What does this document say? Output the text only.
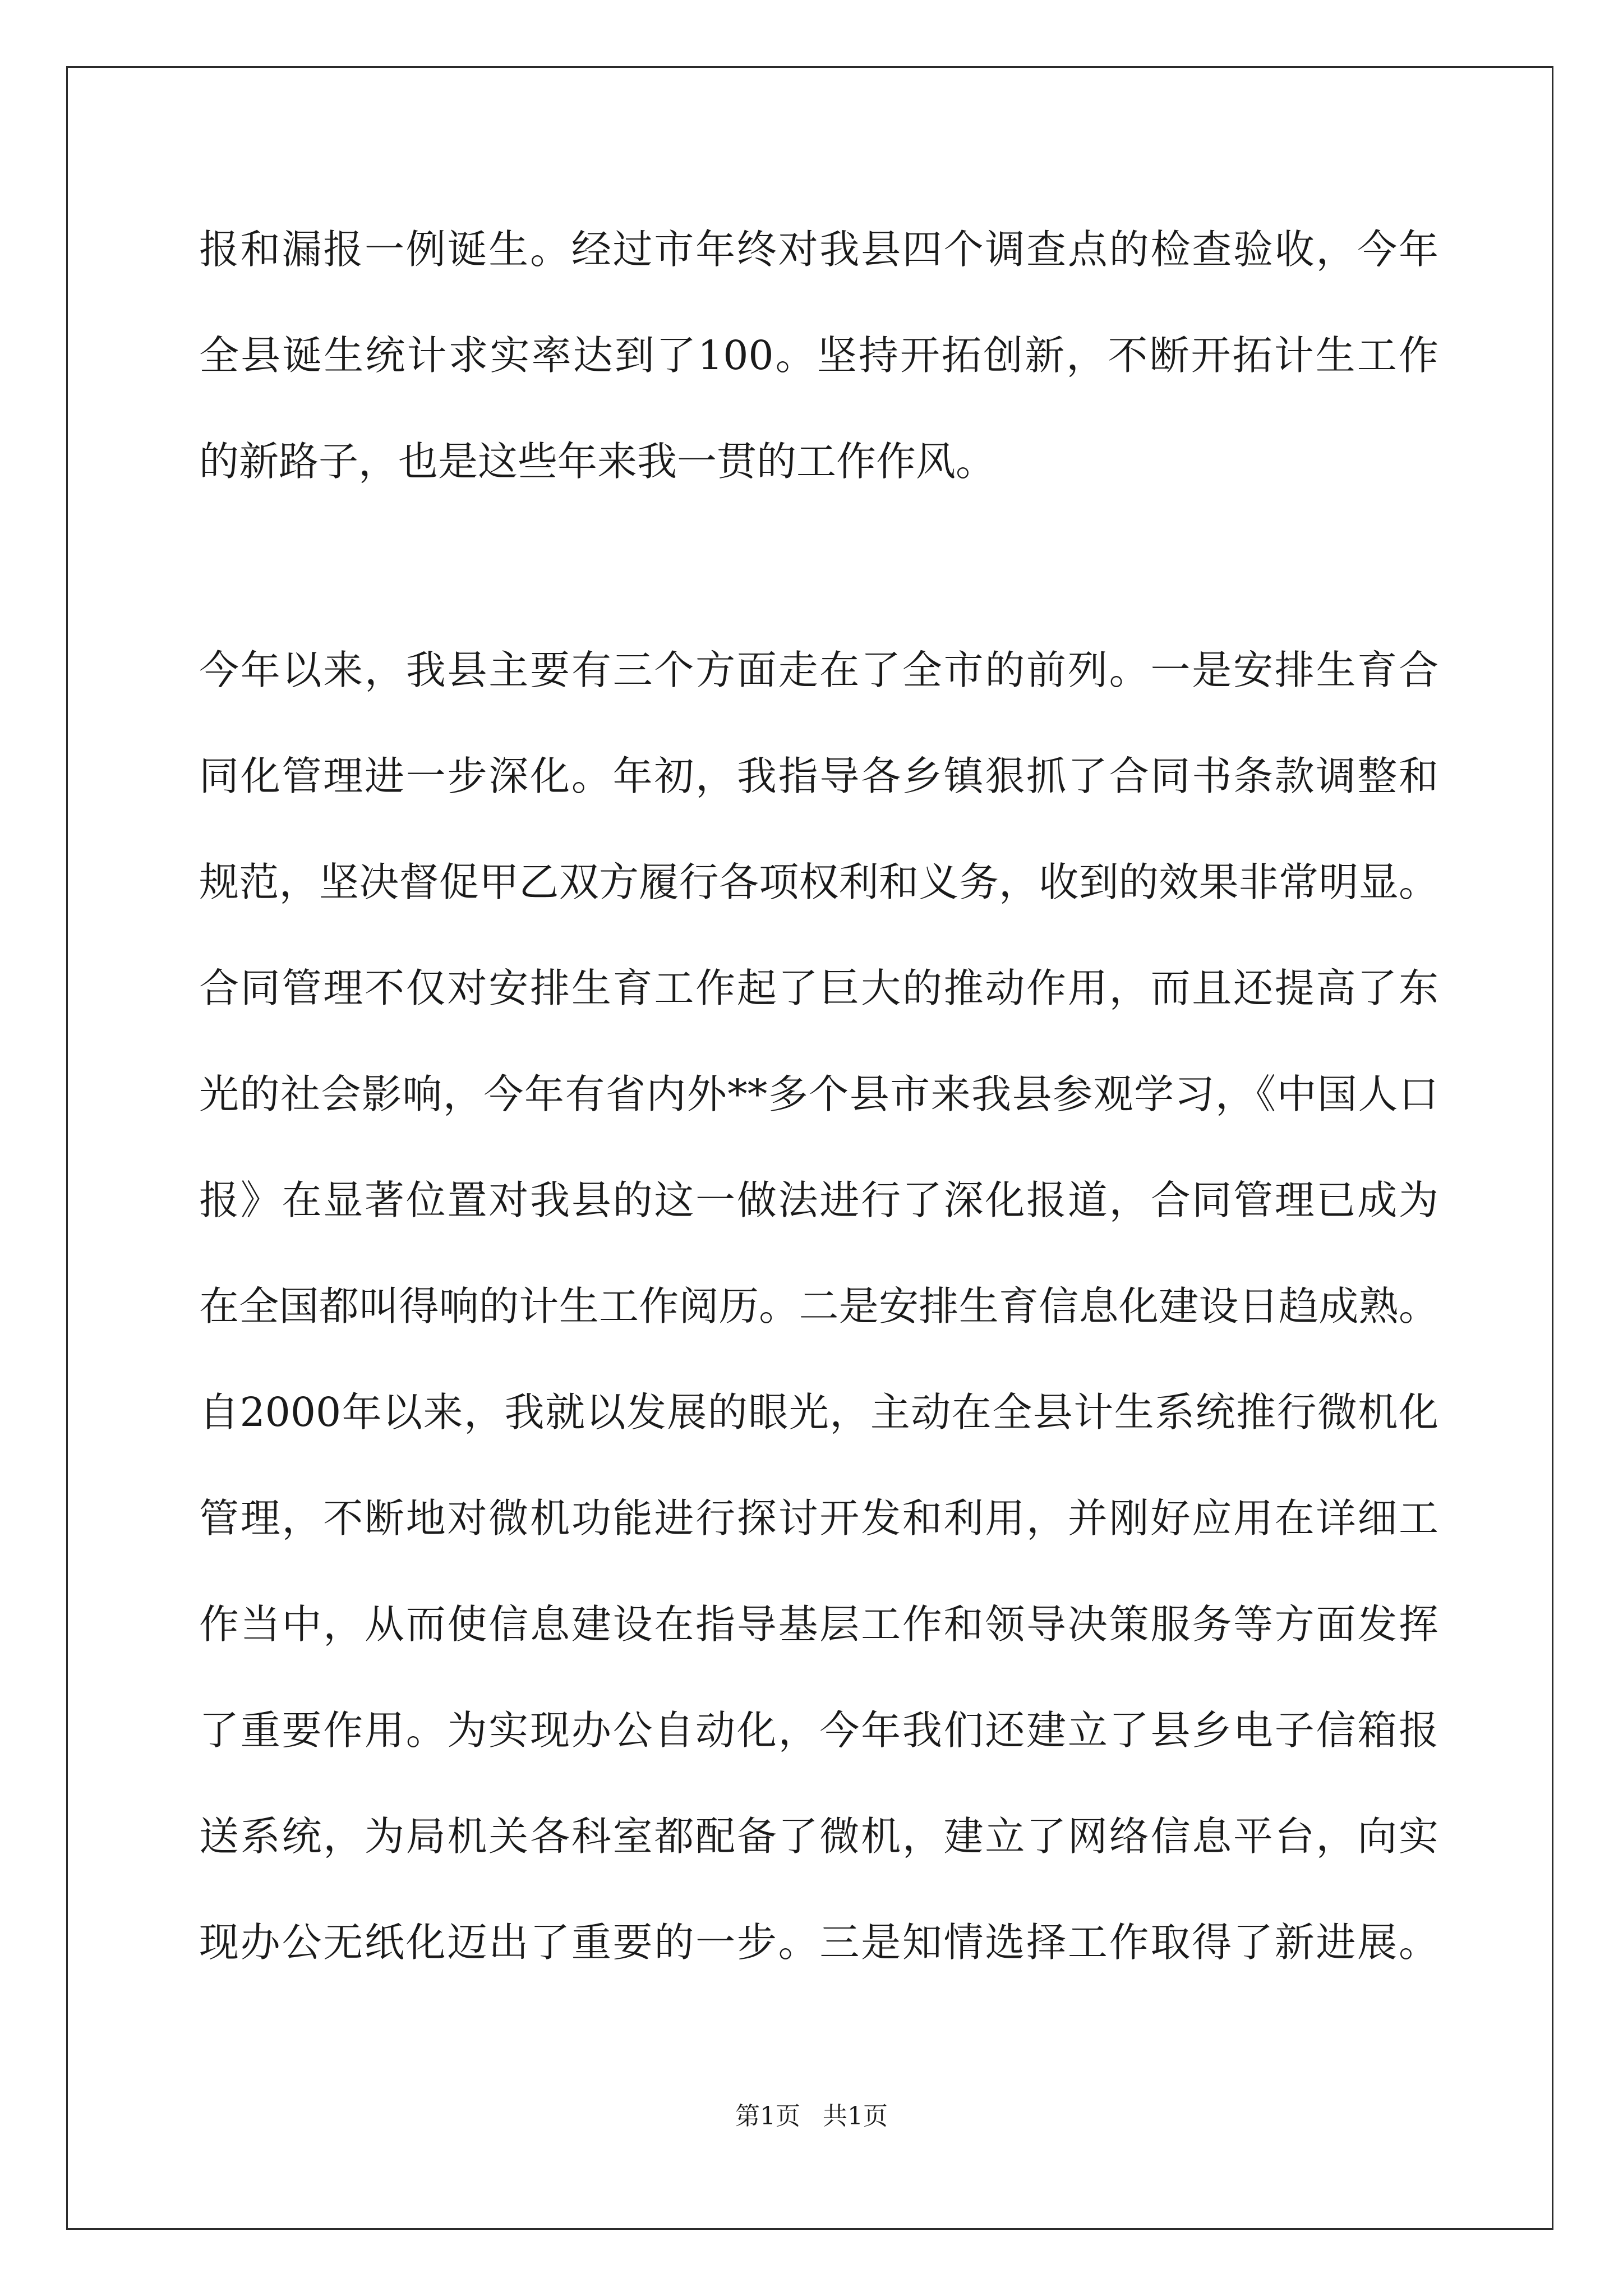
报和漏报一例诞生。经过市年终对我县四个调查点的检查验收，今年
全县诞生统计求实率达到了100。坚持开拓创新，不断开拓计生工作
的新路子，也是这些年来我一贯的工作作风。
今年以来，我县主要有三个方面走在了全市的前列。一是安排生育合
同化管理进一步深化。年初，我指导各乡镇狠抓了合同书条款调整和
规范，坚决督促甲乙双方履行各项权利和义务，收到的效果非常明显。
合同管理不仅对安排生育工作起了巨大的推动作用，而且还提高了东
光的社会影响，今年有省内外**多个县市来我县参观学习，《中国人口
报》在显著位置对我县的这一做法进行了深化报道，合同管理已成为
在全国都叫得响的计生工作阅历。二是安排生育信息化建设日趋成熟。
自2000年以来，我就以发展的眼光，主动在全县计生系统推行微机化
管理，不断地对微机功能进行探讨开发和利用，并刚好应用在详细工
作当中，从而使信息建设在指导基层工作和领导决策服务等方面发挥
了重要作用。为实现办公自动化，今年我们还建立了县乡电子信箱报
送系统，为局机关各科室都配备了微机，建立了网络信息平台，向实
现办公无纸化迈出了重要的一步。三是知情选择工作取得了新进展。
第1页 共1页
